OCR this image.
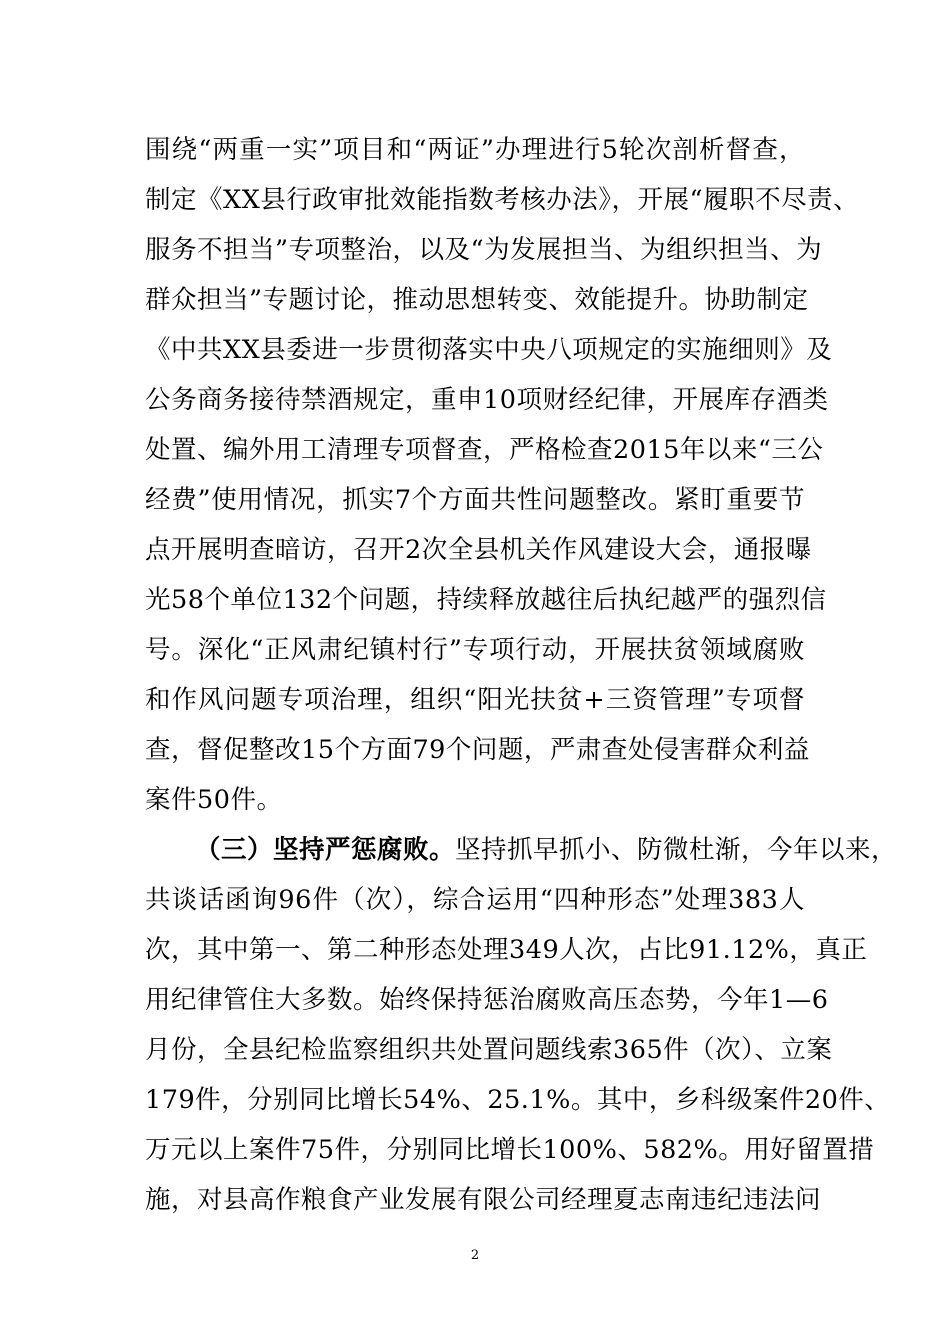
围绕“两重一实”项目和“两证”办理进行5轮次剖析督查，
制定《XX县行政审批效能指数考核办法》，开展“履职不尽责、
服务不担当”专项整治，以及“为发展担当、为组织担当、为
群众担当”专题讨论，推动思想转变、效能提升。协助制定
《中共XX县委进一步贯彻落实中央八项规定的实施细则》及
公务商务接待禁酒规定，重申10项财经纪律，开展库存酒类
处置、编外用工清理专项督查，严格检查2015年以来“三公
经费”使用情况，抓实7个方面共性问题整改。紧盯重要节
点开展明查暗访，召开2次全县机关作风建设大会，通报曝
光58个单位132个问题，持续释放越往后执纪越严的强烈信
号。深化“正风肃纪镇村行”专项行动，开展扶贫领域腐败
和作风问题专项治理，组织“阳光扶贫+三资管理”专项督
查，督促整改15个方面79个问题，严肃查处侵害群众利益
案件50件。
（三）坚持严惩腐败。坚持抓早抓小、防微杜渐，今年以来，
共谈话函询96件（次），综合运用“四种形态”处理383人
次，其中第一、第二种形态处理349人次，占比91.12%，真正
用纪律管住大多数。始终保持惩治腐败高压态势，今年1—6
月份，全县纪检监察组织共处置问题线索365件（次）、立案
179件，分别同比增长54%、25.1%。其中，乡科级案件20件、
万元以上案件75件，分别同比增长100%、582%。用好留置措
施，对县高作粮食产业发展有限公司经理夏志南违纪违法问
2
